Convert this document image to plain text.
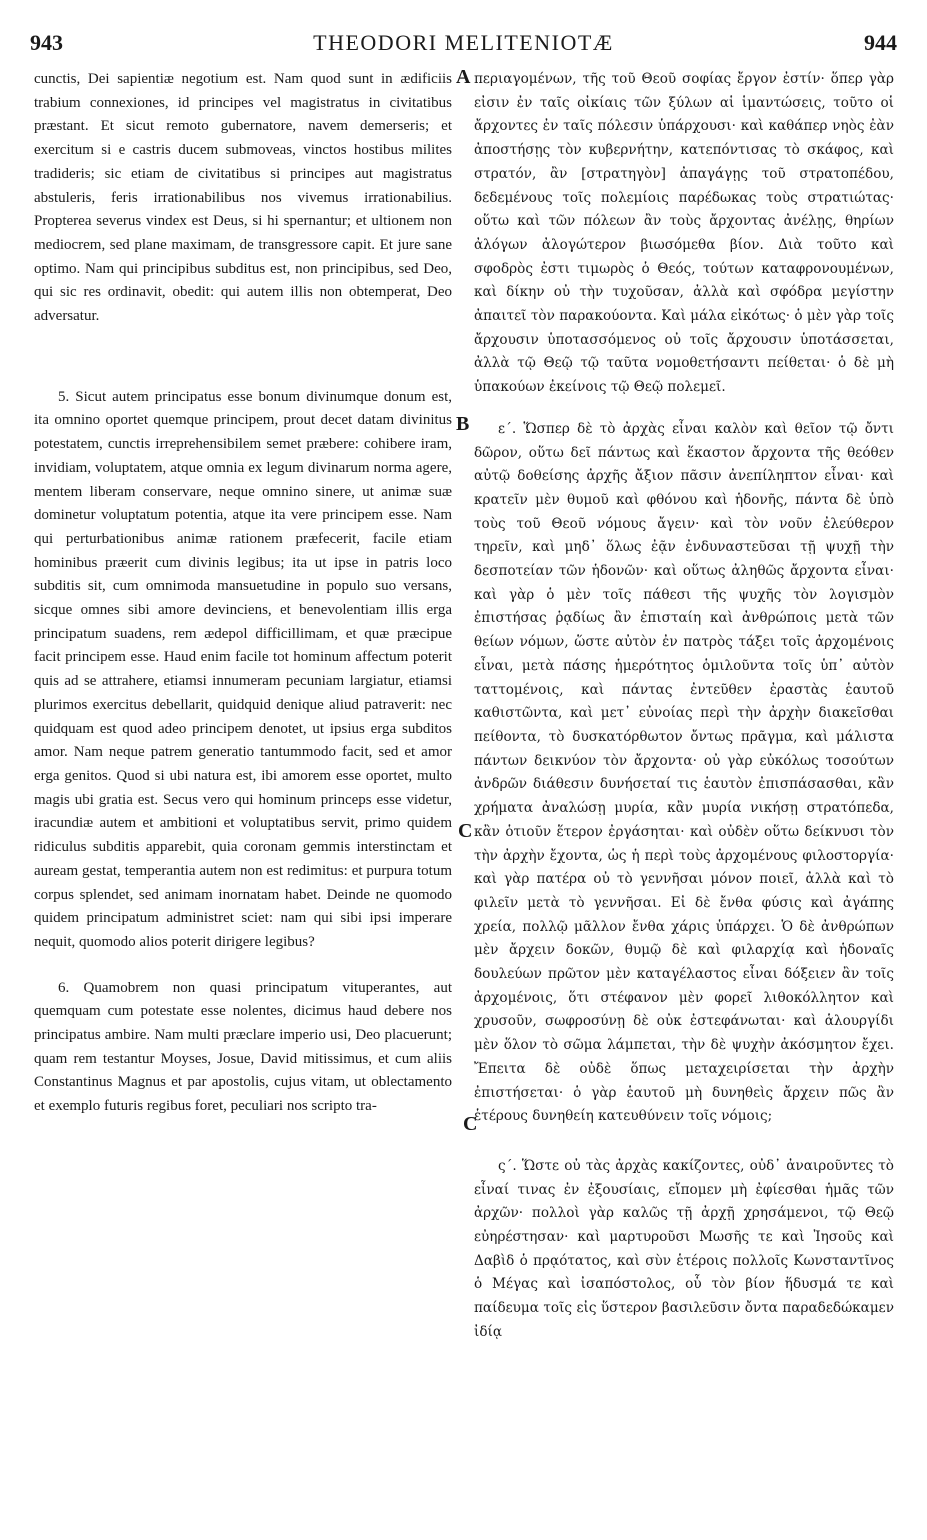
943	THEODORI MELITENIOTÆ	944

cunctis, Dei sapientiæ negotium est. Nam quod sunt in ædificiis trabium connexiones, id principes vel magistratus in civitatibus præstant. Et sicut remoto gubernatore, navem demerseris; et exercitum si e castris ducem submoveas, vinctos hostibus milites tradideris; sic etiam de civitatibus si principes aut magistratus abstuleris, feris irrationabilibus nos vivemus irrationabilius. Propterea severus vindex est Deus, si hi spernantur; et ultionem non mediocrem, sed plane maximam, de transgressore capit. Et jure sane optimo. Nam qui principibus subditus est, non principibus, sed Deo, qui sic res ordinavit, obedit: qui autem illis non obtemperat, Deo adversatur.

5. Sicut autem principatus esse bonum divinumque donum est, ita omnino oportet quemque principem, prout decet datam divinitus potestatem, cunctis irreprehensibilem semet præbere: cohibere iram, invidiam, voluptatem, atque omnia ex legum divinarum norma agere, mentem liberam conservare, neque omnino sinere, ut animæ suæ dominetur voluptatum potentia, atque ita vere principem esse. Nam qui perturbationibus animæ rationem præfecerit, facile etiam hominibus præerit cum divinis legibus; ita ut ipse in patris loco subditis sit, cum omnimoda mansuetudine in populo suo versans, sicque omnes sibi amore devinciens, et benevolentiam illis erga principatum suadens, rem ædepol difficillimam, et quæ præcipue facit principem esse. Haud enim facile tot hominum affectum poterit quis ad se attrahere, etiamsi innumeram pecuniam largiatur, etiamsi plurimos exercitus debellarit, quidquid denique aliud patraverit: nec quidquam est quod adeo principem denotet, ut ipsius erga subditos amor. Nam neque patrem generatio tantummodo facit, sed et amor erga genitos. Quod si ubi natura est, ibi amorem esse oportet, multo magis ubi gratia est. Secus vero qui hominum princeps esse videtur, iracundiæ autem et ambitioni et voluptatibus servit, primo quidem ridiculus subditis apparebit, quia coronam gemmis interstinctam et auream gestat, temperantia autem non est redimitus: et purpura totum corpus splendet, sed animam inornatam habet. Deinde ne quomodo quidem principatum administret sciet: nam qui sibi ipsi imperare nequit, quomodo alios poterit dirigere legibus?

6. Quamobrem non quasi principatum vituperantes, aut quemquam cum potestate esse nolentes, dicimus haud debere nos principatus ambire. Nam multi præclare imperio usi, Deo placuerunt; quam rem testantur Moyses, Josue, David mitissimus, et cum aliis Constantinus Magnus et par apostolis, cujus vitam, ut oblectamento et exemplo futuris regibus foret, peculiari nos scripto tra-

A
B
C
C

περιαγομένων, τῆς τοῦ Θεοῦ σοφίας ἔργον ἐστίν· ὅπερ γὰρ εἰσιν ἐν ταῖς οἰκίαις τῶν ξύλων αἱ ἱμαντώσεις, τοῦτο οἱ ἄρχοντες ἐν ταῖς πόλεσιν ὑπάρχουσι· καὶ καθάπερ νηὸς ἐὰν ἀποστήσῃς τὸν κυβερνήτην, κατεπόντισας τὸ σκάφος, καὶ στρατόν, ἂν [στρατηγὸν] ἀπαγάγῃς τοῦ στρατοπέδου, δεδεμένους τοῖς πολεμίοις παρέδωκας τοὺς στρατιώτας· οὕτω καὶ τῶν πόλεων ἂν τοὺς ἄρχοντας ἀνέλῃς, θηρίων ἀλόγων ἀλογώτερον βιωσόμεθα βίον. Διὰ τοῦτο καὶ σφοδρὸς ἐστι τιμωρὸς ὁ Θεός, τούτων καταφρονουμένων, καὶ δίκην οὐ τὴν τυχοῦσαν, ἀλλὰ καὶ σφόδρα μεγίστην ἀπαιτεῖ τὸν παρακούοντα. Καὶ μάλα εἰκότως· ὁ μὲν γὰρ τοῖς ἄρχουσιν ὑποτασσόμενος οὐ τοῖς ἄρχουσιν ὑποτάσσεται, ἀλλὰ τῷ Θεῷ τῷ ταῦτα νομοθετήσαντι πείθεται· ὁ δὲ μὴ ὑπακούων ἐκείνοις τῷ Θεῷ πολεμεῖ.

ε΄. Ὥσπερ δὲ τὸ ἀρχὰς εἶναι καλὸν καὶ θεῖον τῷ ὄντι δῶρον, οὕτω δεῖ πάντως καὶ ἕκαστον ἄρχοντα τῆς θεόθεν αὐτῷ δοθείσης ἀρχῆς ἄξιον πᾶσιν ἀνεπίληπτον εἶναι· καὶ κρατεῖν μὲν θυμοῦ καὶ φθόνου καὶ ἡδονῆς, πάντα δὲ ὑπὸ τοὺς τοῦ Θεοῦ νόμους ἄγειν· καὶ τὸν νοῦν ἐλεύθερον τηρεῖν, καὶ μηδ᾽ ὅλως ἐᾷν ἐνδυναστεῦσαι τῇ ψυχῇ τὴν δεσποτείαν τῶν ἡδονῶν· καὶ οὕτως ἀληθῶς ἄρχοντα εἶναι· καὶ γὰρ ὁ μὲν τοῖς πάθεσι τῆς ψυχῆς τὸν λογισμὸν ἐπιστήσας ῥᾳδίως ἂν ἐπισταίη καὶ ἀνθρώποις μετὰ τῶν θείων νόμων, ὥστε αὐτὸν ἐν πατρὸς τάξει τοῖς ἀρχομένοις εἶναι, μετὰ πάσης ἡμερότητος ὁμιλοῦντα τοῖς ὑπ᾽ αὐτὸν ταττομένοις, καὶ πάντας ἐντεῦθεν ἐραστὰς ἑαυτοῦ καθιστῶντα, καὶ μετ᾽ εὐνοίας περὶ τὴν ἀρχὴν διακεῖσθαι πείθοντα, τὸ δυσκατόρθωτον ὄντως πρᾶγμα, καὶ μάλιστα πάντων δεικνύον τὸν ἄρχοντα· οὐ γὰρ εὐκόλως τοσούτων ἀνδρῶν διάθεσιν δυνήσεταί τις ἑαυτὸν ἐπισπάσασθαι, κἂν χρήματα ἀναλώσῃ μυρία, κἂν μυρία νικήσῃ στρατόπεδα, κἂν ὁτιοῦν ἕτερον ἐργάσηται· καὶ οὐδὲν οὕτω δείκνυσι τὸν τὴν ἀρχὴν ἔχοντα, ὡς ἡ περὶ τοὺς ἀρχομένους φιλοστοργία· καὶ γὰρ πατέρα οὐ τὸ γεννῆσαι μόνον ποιεῖ, ἀλλὰ καὶ τὸ φιλεῖν μετὰ τὸ γεννῆσαι. Εἰ δὲ ἔνθα φύσις καὶ ἀγάπης χρεία, πολλῷ μᾶλλον ἔνθα χάρις ὑπάρχει. Ὁ δὲ ἀνθρώπων μὲν ἄρχειν δοκῶν, θυμῷ δὲ καὶ φιλαρχίᾳ καὶ ἡδοναῖς δουλεύων πρῶτον μὲν καταγέλαστος εἶναι δόξειεν ἂν τοῖς ἀρχομένοις, ὅτι στέφανον μὲν φορεῖ λιθοκόλλητον καὶ χρυσοῦν, σωφροσύνῃ δὲ οὐκ ἐστεφάνωται· καὶ ἁλουργίδι μὲν ὅλον τὸ σῶμα λάμπεται, τὴν δὲ ψυχὴν ἀκόσμητον ἔχει. Ἔπειτα δὲ οὐδὲ ὅπως μεταχειρίσεται τὴν ἀρχὴν ἐπιστήσεται· ὁ γὰρ ἑαυτοῦ μὴ δυνηθεὶς ἄρχειν πῶς ἂν ἑτέρους δυνηθείη κατευθύνειν τοῖς νόμοις;

ς΄. Ὥστε οὐ τὰς ἀρχὰς κακίζοντες, οὐδ᾽ ἀναιροῦντες τὸ εἶναί τινας ἐν ἐξουσίαις, εἴπομεν μὴ ἐφίεσθαι ἡμᾶς τῶν ἀρχῶν· πολλοὶ γὰρ καλῶς τῇ ἀρχῇ χρησάμενοι, τῷ Θεῷ εὐηρέστησαν· καὶ μαρτυροῦσι Μωσῆς τε καὶ Ἰησοῦς καὶ Δαβὶδ ὁ πρᾳότατος, καὶ σὺν ἑτέροις πολλοῖς Κωνσταντῖνος ὁ Μέγας καὶ ἰσαπόστολος, οὗ τὸν βίον ἥδυσμά τε καὶ παίδευμα τοῖς εἰς ὕστερον βασιλεῦσιν ὄντα παραδεδώκαμεν ἰδίᾳ
